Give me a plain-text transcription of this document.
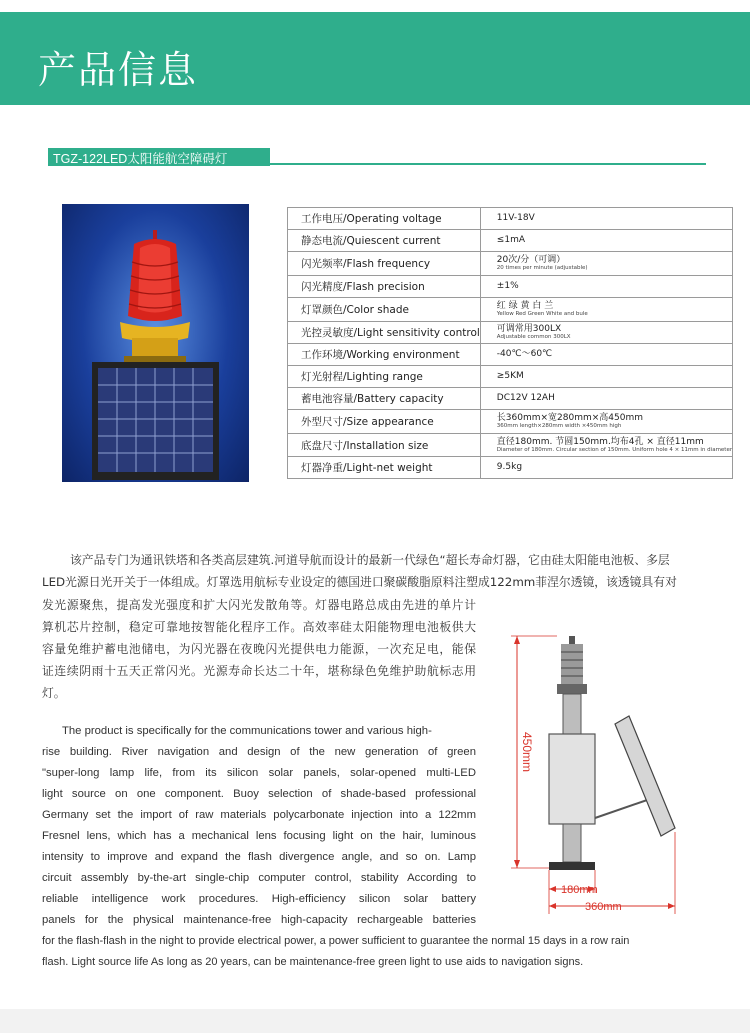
产品信息
TGZ-122LED太阳能航空障碍灯
工作电压/Operating voltage	11V-18V

静态电流/Quiescent current	≤1mA

闪光频率/Flash frequency	20次/分（可调）
20 times per minute (adjustable)

闪光精度/Flash precision	±1%

灯罩颜色/Color shade	红 绿 黄 白 兰
Yellow Red Green White and bule

光控灵敏度/Light sensitivity control	可调常用300LX
Adjustable common 300LX

工作环境/Working environment	-40℃～60℃

灯光射程/Lighting range	≥5KM

蓄电池容量/Battery capacity	DC12V 12AH

外型尺寸/Size appearance	长360mm×宽280mm×高450mm
360mm length×280mm width ×450mm high

底盘尺寸/Installation size	直径180mm. 节圆150mm.均布4孔 × 直径11mm
Diameter of 180mm. Circular section of 150mm. Uniform hole 4 × 11mm in diameter

灯器净重/Light-net weight	9.5kg
该产品专门为通讯铁塔和各类高层建筑.河道导航而设计的最新一代绿色“超长寿命灯器，它由硅太阳能电池板、多层
LED光源日光开关于一体组成。灯罩选用航标专业设定的德国进口聚碳酸脂原料注塑成122mm菲涅尔透镜，该透镜具有对
发光源聚焦，提高发光强度和扩大闪光发散角等。灯器电路总成由先进的单片计
算机芯片控制，稳定可靠地按智能化程序工作。高效率硅太阳能物理电池板供大
容量免维护蓄电池储电，为闪光器在夜晚闪光提供电力能源，一次充足电，能保
证连续阴雨十五天正常闪光。光源寿命长达二十年，堪称绿色免维护助航标志用
灯。
The product is specifically for the communications tower and various high-
rise building. River navigation and design of the new generation of green
"super-long lamp life, from its silicon solar panels, solar-opened multi-LED
light source on one component. Buoy selection of shade-based professional
Germany set the import of raw materials polycarbonate injection into a 122mm
Fresnel lens, which has a mechanical lens focusing light on the hair, luminous
intensity to improve and expand the flash divergence angle, and so on. Lamp
circuit assembly by-the-art single-chip computer control, stability According to
reliable intelligence work procedures. High-efficiency silicon solar battery
panels for the physical maintenance-free high-capacity rechargeable batteries
for the flash-flash in the night to provide electrical power, a power sufficient to guarantee the normal 15 days in a row rain
flash. Light source life As long as 20 years, can be maintenance-free green light to use aids to navigation signs.
450mm
180mm
360mm
